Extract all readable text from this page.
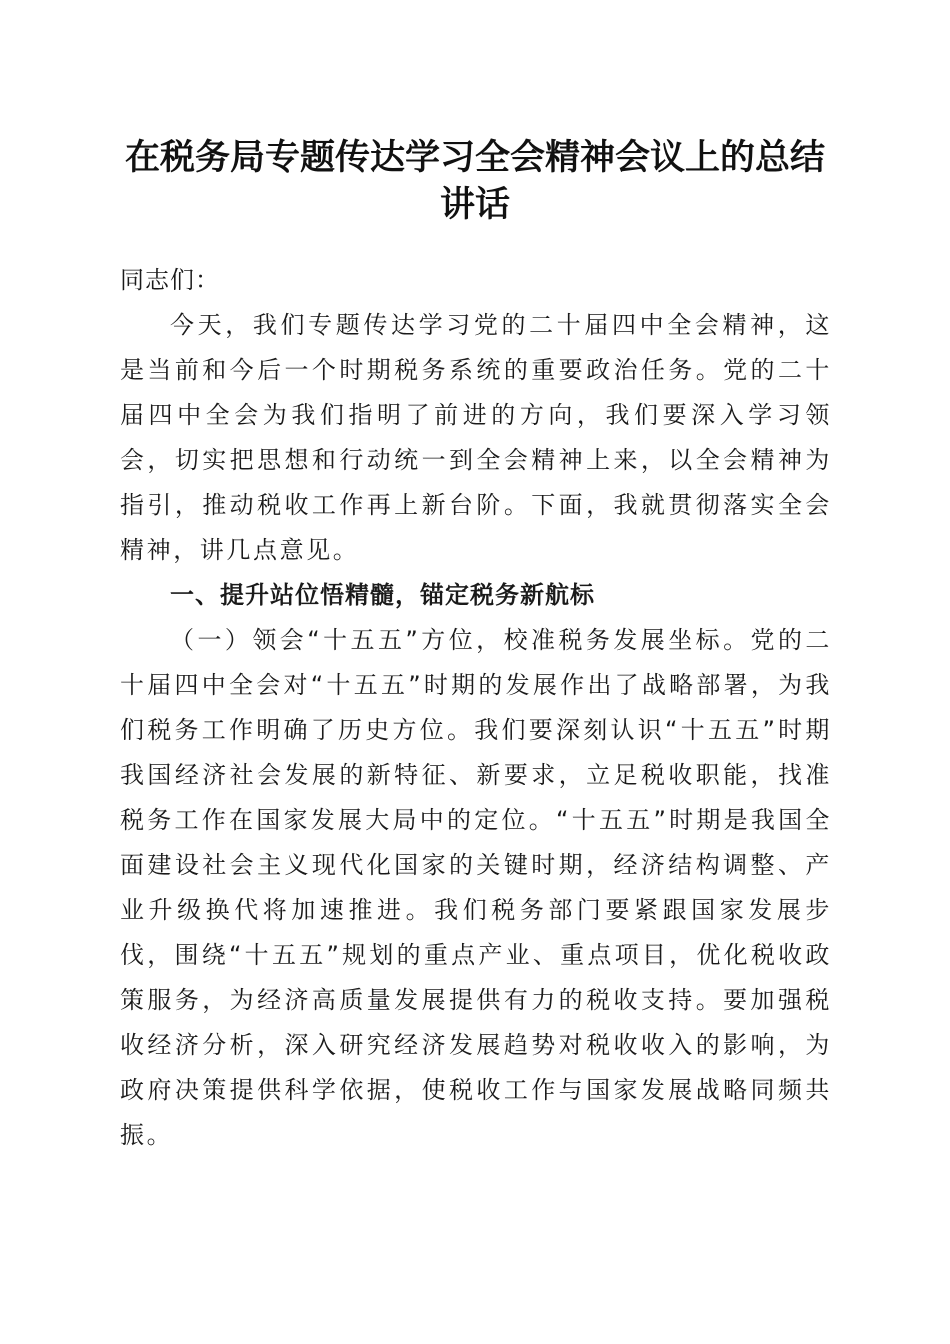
在税务局专题传达学习全会精神会议上的总结
讲话

同志们：

今天，我们专题传达学习党的二十届四中全会精神，这是当前和今后一个时期税务系统的重要政治任务。党的二十届四中全会为我们指明了前进的方向，我们要深入学习领会，切实把思想和行动统一到全会精神上来，以全会精神为指引，推动税收工作再上新台阶。下面，我就贯彻落实全会精神，讲几点意见。

一、提升站位悟精髓，锚定税务新航标

（一）领会“十五五”方位，校准税务发展坐标。党的二十届四中全会对“十五五”时期的发展作出了战略部署，为我们税务工作明确了历史方位。我们要深刻认识“十五五”时期我国经济社会发展的新特征、新要求，立足税收职能，找准税务工作在国家发展大局中的定位。“十五五”时期是我国全面建设社会主义现代化国家的关键时期，经济结构调整、产业升级换代将加速推进。我们税务部门要紧跟国家发展步伐，围绕“十五五”规划的重点产业、重点项目，优化税收政策服务，为经济高质量发展提供有力的税收支持。要加强税收经济分析，深入研究经济发展趋势对税收收入的影响，为政府决策提供科学依据，使税收工作与国家发展战略同频共振。
